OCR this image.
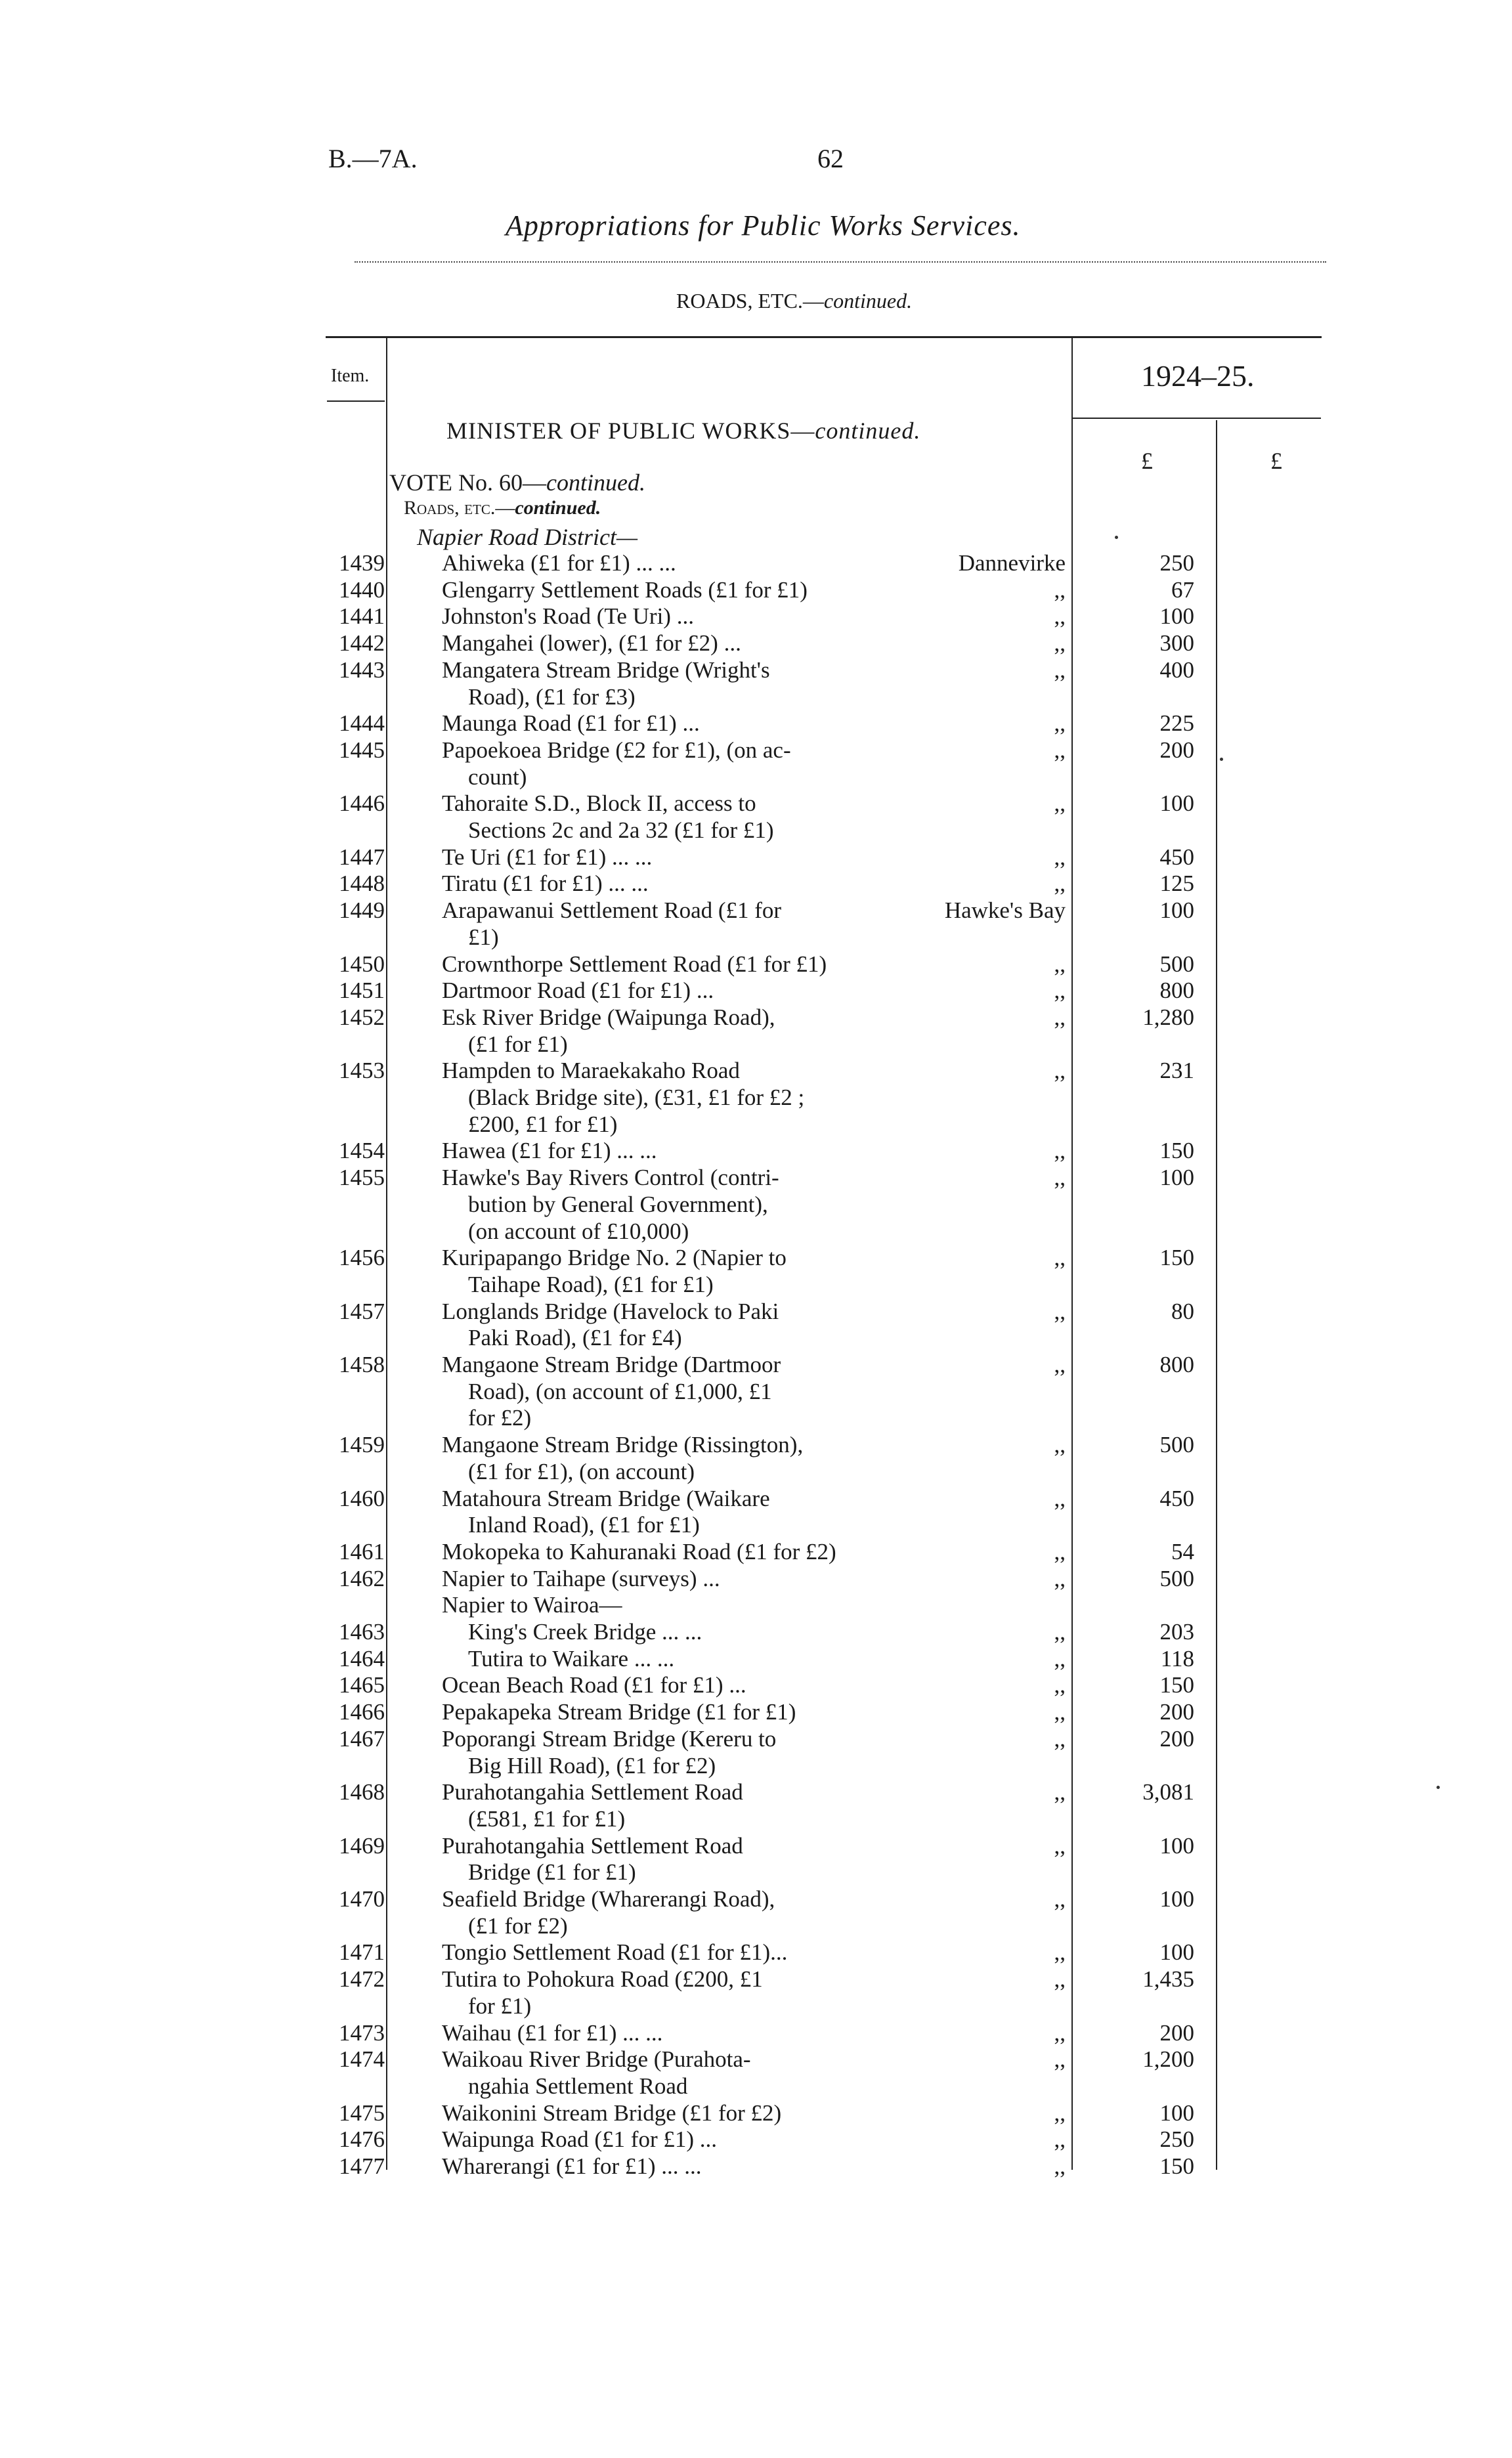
B.—7A.	62
Appropriations for Public Works Services.
ROADS, ETC.—continued.
Item.	1924–25.
MINISTER OF PUBLIC WORKS—continued.
£	£
VOTE No. 60—continued.
Roads, etc.—continued.
Napier Road District—
1439 Ahiweka (£1 for £1) ... ...	Dannevirke	250
1440 Glengarry Settlement Roads (£1 for £1)	,,	67
1441 Johnston's Road (Te Uri) ...	,,	100
1442 Mangahei (lower), (£1 for £2) ...	,,	300
1443 Mangatera Stream Bridge (Wright's
Road), (£1 for £3)
,,	400
1444 Maunga Road (£1 for £1) ...	,,	225
1445 Papoekoea Bridge (£2 for £1), (on ac-
count)
,,	200
1446 Tahoraite S.D., Block II, access to
Sections 2c and 2a 32 (£1 for £1)
,,	100
1447 Te Uri (£1 for £1) ... ...	,,	450
1448 Tiratu (£1 for £1) ... ...	,,	125
1449 Arapawanui Settlement Road (£1 for
£1)
Hawke's Bay	100
1450 Crownthorpe Settlement Road (£1 for £1)	,,	500
1451 Dartmoor Road (£1 for £1) ...	,,	800
1452 Esk River Bridge (Waipunga Road),
(£1 for £1)
,,	1,280
1453 Hampden to Maraekakaho Road
(Black Bridge site), (£31, £1 for £2 ;
£200, £1 for £1)
,,	231
1454 Hawea (£1 for £1) ... ...	,,	150
1455 Hawke's Bay Rivers Control (contri-
bution by General Government),
(on account of £10,000)
,,	100
1456 Kuripapango Bridge No. 2 (Napier to
Taihape Road), (£1 for £1)
,,	150
1457 Longlands Bridge (Havelock to Paki
Paki Road), (£1 for £4)
,,	80
1458 Mangaone Stream Bridge (Dartmoor
Road), (on account of £1,000, £1
for £2)
,,	800
1459 Mangaone Stream Bridge (Rissington),
(£1 for £1), (on account)
,,	500
1460 Matahoura Stream Bridge (Waikare
Inland Road), (£1 for £1)
,,	450
1461 Mokopeka to Kahuranaki Road (£1 for £2)	,,	54
1462 Napier to Taihape (surveys) ...	,,	500
Napier to Wairoa—
1463	King's Creek Bridge ... ...	,,	203
1464	Tutira to Waikare ... ...	,,	118
1465 Ocean Beach Road (£1 for £1) ...	,,	150
1466 Pepakapeka Stream Bridge (£1 for £1)	,,	200
1467 Poporangi Stream Bridge (Kereru to
Big Hill Road), (£1 for £2)
,,	200
1468 Purahotangahia Settlement Road
(£581, £1 for £1)
,,	3,081
1469 Purahotangahia Settlement Road
Bridge (£1 for £1)
,,	100
1470 Seafield Bridge (Wharerangi Road),
(£1 for £2)
,,	100
1471 Tongio Settlement Road (£1 for £1)...	,,	100
1472 Tutira to Pohokura Road (£200, £1
for £1)
,,	1,435
1473 Waihau (£1 for £1) ... ...	,,	200
1474 Waikoau River Bridge (Purahota-
ngahia Settlement Road
,,	1,200
1475 Waikonini Stream Bridge (£1 for £2)	,,	100
1476 Waipunga Road (£1 for £1) ...	,,	250
1477 Wharerangi (£1 for £1) ... ...	,,	150
